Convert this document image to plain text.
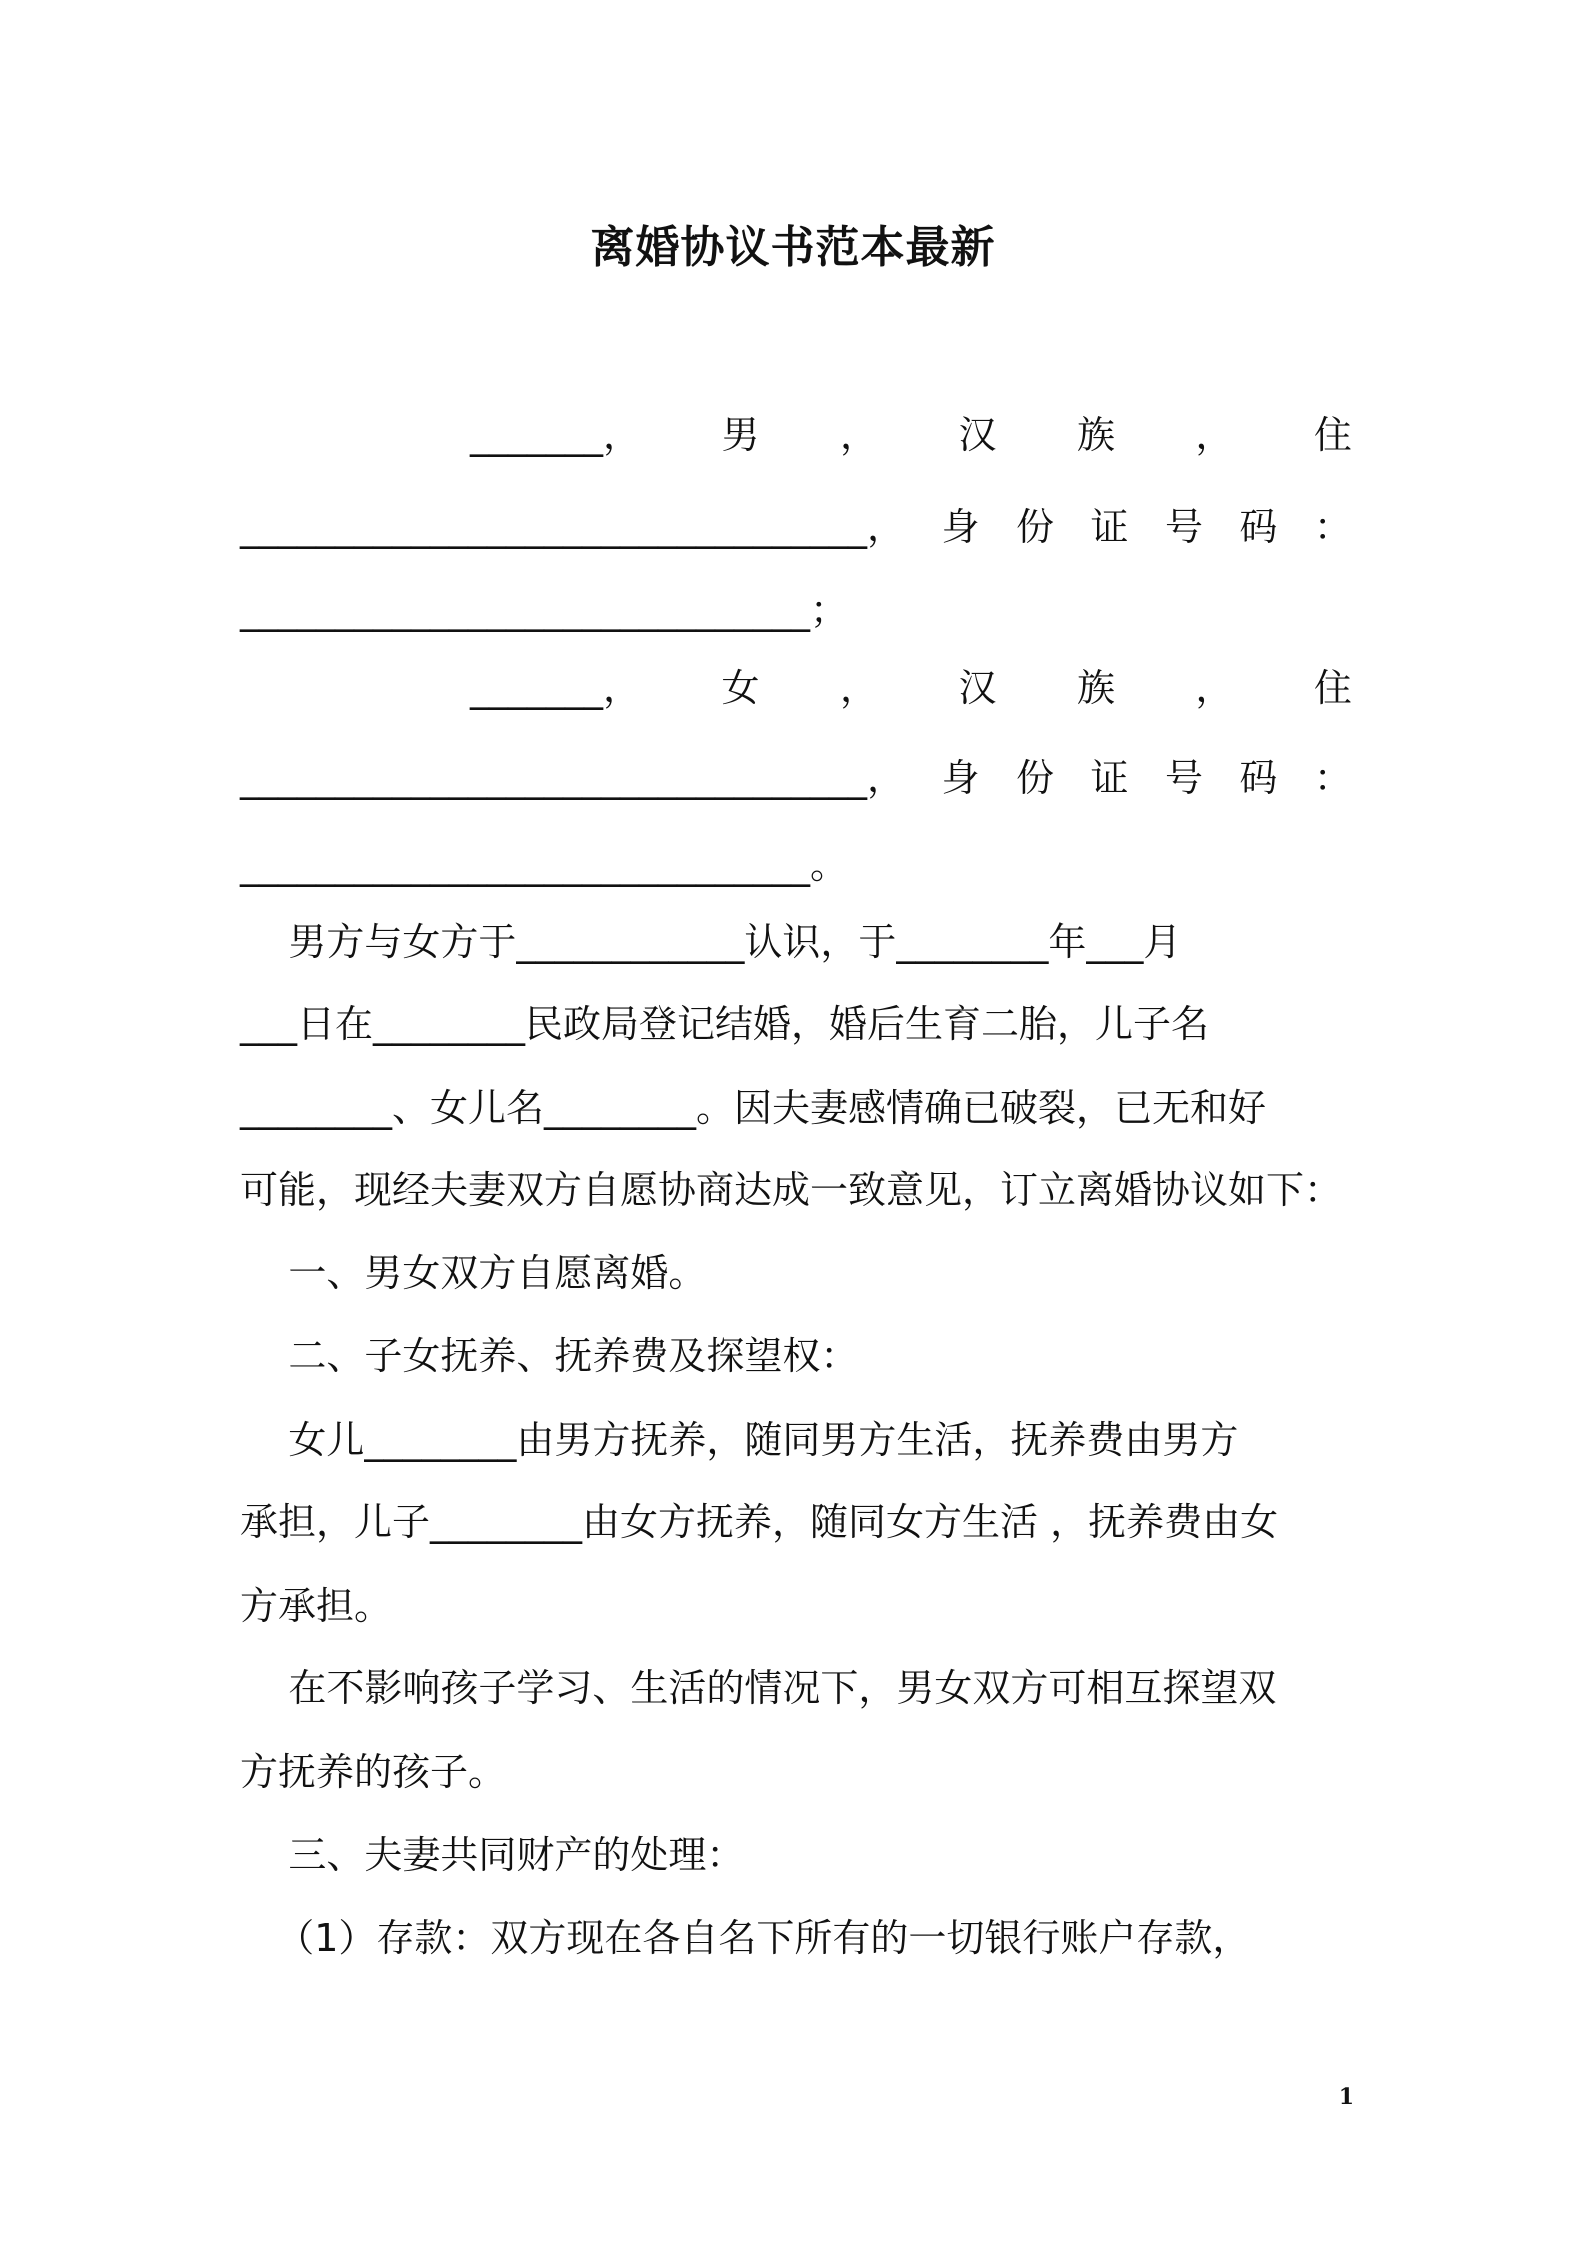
离婚协议书范本最新
_______， 男 ， 汉 族 ， 住
_________________________________， 身 份 证 号 码 ：
______________________________；
_______， 女 ， 汉 族 ， 住
_________________________________， 身 份 证 号 码 ：
______________________________。
男方与女方于____________认识，于________年___月
___日在________民政局登记结婚，婚后生育二胎，儿子名
________、女儿名________。因夫妻感情确已破裂，已无和好
可能，现经夫妻双方自愿协商达成一致意见，订立离婚协议如下：
一、男女双方自愿离婚。
二、子女抚养、抚养费及探望权：
女儿________由男方抚养，随同男方生活，抚养费由男方
承担，儿子________由女方抚养，随同女方生活 ，抚养费由女
方承担。
在不影响孩子学习、生活的情况下，男女双方可相互探望双
方抚养的孩子。
三、夫妻共同财产的处理：
（1）存款：双方现在各自名下所有的一切银行账户存款，
1
